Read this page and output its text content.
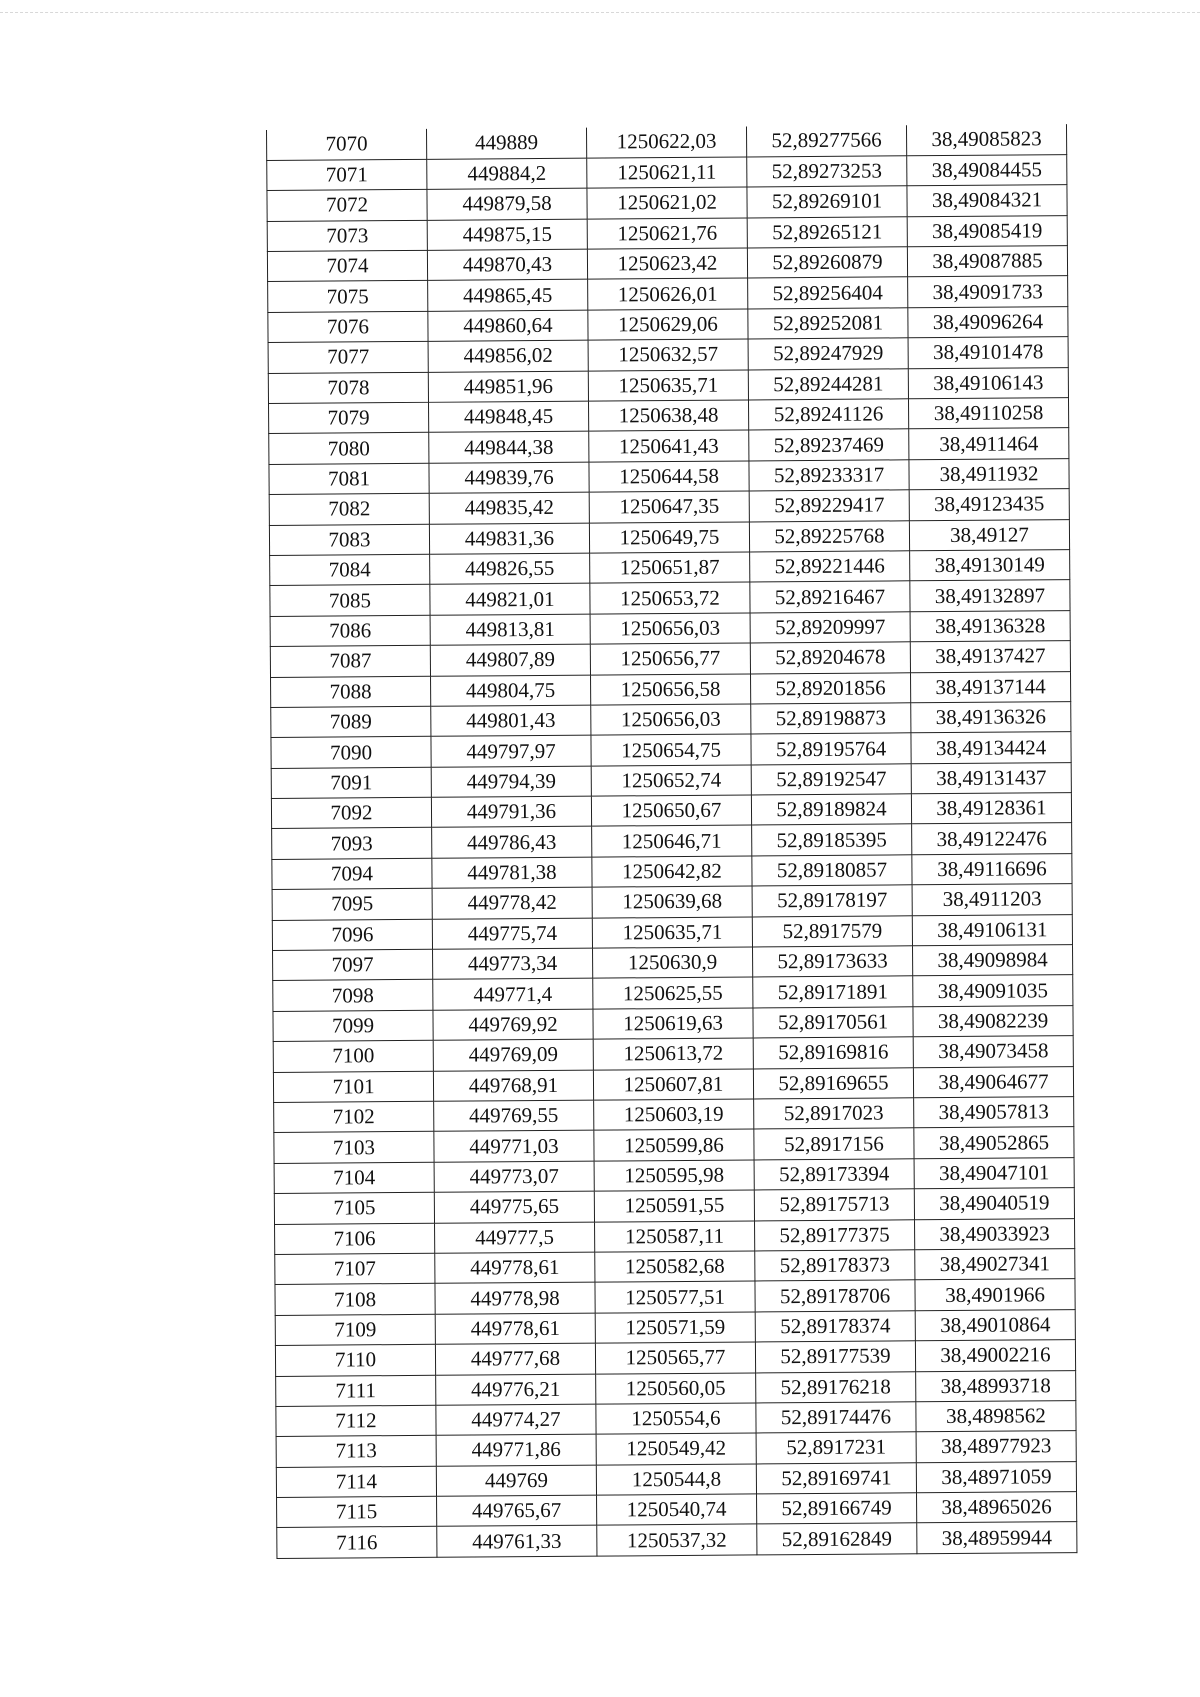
7070	449889	1250622,03	52,89277566	38,49085823
7071	449884,2	1250621,11	52,89273253	38,49084455
7072	449879,58	1250621,02	52,89269101	38,49084321
7073	449875,15	1250621,76	52,89265121	38,49085419
7074	449870,43	1250623,42	52,89260879	38,49087885
7075	449865,45	1250626,01	52,89256404	38,49091733
7076	449860,64	1250629,06	52,89252081	38,49096264
7077	449856,02	1250632,57	52,89247929	38,49101478
7078	449851,96	1250635,71	52,89244281	38,49106143
7079	449848,45	1250638,48	52,89241126	38,49110258
7080	449844,38	1250641,43	52,89237469	38,4911464
7081	449839,76	1250644,58	52,89233317	38,4911932
7082	449835,42	1250647,35	52,89229417	38,49123435
7083	449831,36	1250649,75	52,89225768	38,49127
7084	449826,55	1250651,87	52,89221446	38,49130149
7085	449821,01	1250653,72	52,89216467	38,49132897
7086	449813,81	1250656,03	52,89209997	38,49136328
7087	449807,89	1250656,77	52,89204678	38,49137427
7088	449804,75	1250656,58	52,89201856	38,49137144
7089	449801,43	1250656,03	52,89198873	38,49136326
7090	449797,97	1250654,75	52,89195764	38,49134424
7091	449794,39	1250652,74	52,89192547	38,49131437
7092	449791,36	1250650,67	52,89189824	38,49128361
7093	449786,43	1250646,71	52,89185395	38,49122476
7094	449781,38	1250642,82	52,89180857	38,49116696
7095	449778,42	1250639,68	52,89178197	38,4911203
7096	449775,74	1250635,71	52,8917579	38,49106131
7097	449773,34	1250630,9	52,89173633	38,49098984
7098	449771,4	1250625,55	52,89171891	38,49091035
7099	449769,92	1250619,63	52,89170561	38,49082239
7100	449769,09	1250613,72	52,89169816	38,49073458
7101	449768,91	1250607,81	52,89169655	38,49064677
7102	449769,55	1250603,19	52,8917023	38,49057813
7103	449771,03	1250599,86	52,8917156	38,49052865
7104	449773,07	1250595,98	52,89173394	38,49047101
7105	449775,65	1250591,55	52,89175713	38,49040519
7106	449777,5	1250587,11	52,89177375	38,49033923
7107	449778,61	1250582,68	52,89178373	38,49027341
7108	449778,98	1250577,51	52,89178706	38,4901966
7109	449778,61	1250571,59	52,89178374	38,49010864
7110	449777,68	1250565,77	52,89177539	38,49002216
7111	449776,21	1250560,05	52,89176218	38,48993718
7112	449774,27	1250554,6	52,89174476	38,4898562
7113	449771,86	1250549,42	52,8917231	38,48977923
7114	449769	1250544,8	52,89169741	38,48971059
7115	449765,67	1250540,74	52,89166749	38,48965026
7116	449761,33	1250537,32	52,89162849	38,48959944
